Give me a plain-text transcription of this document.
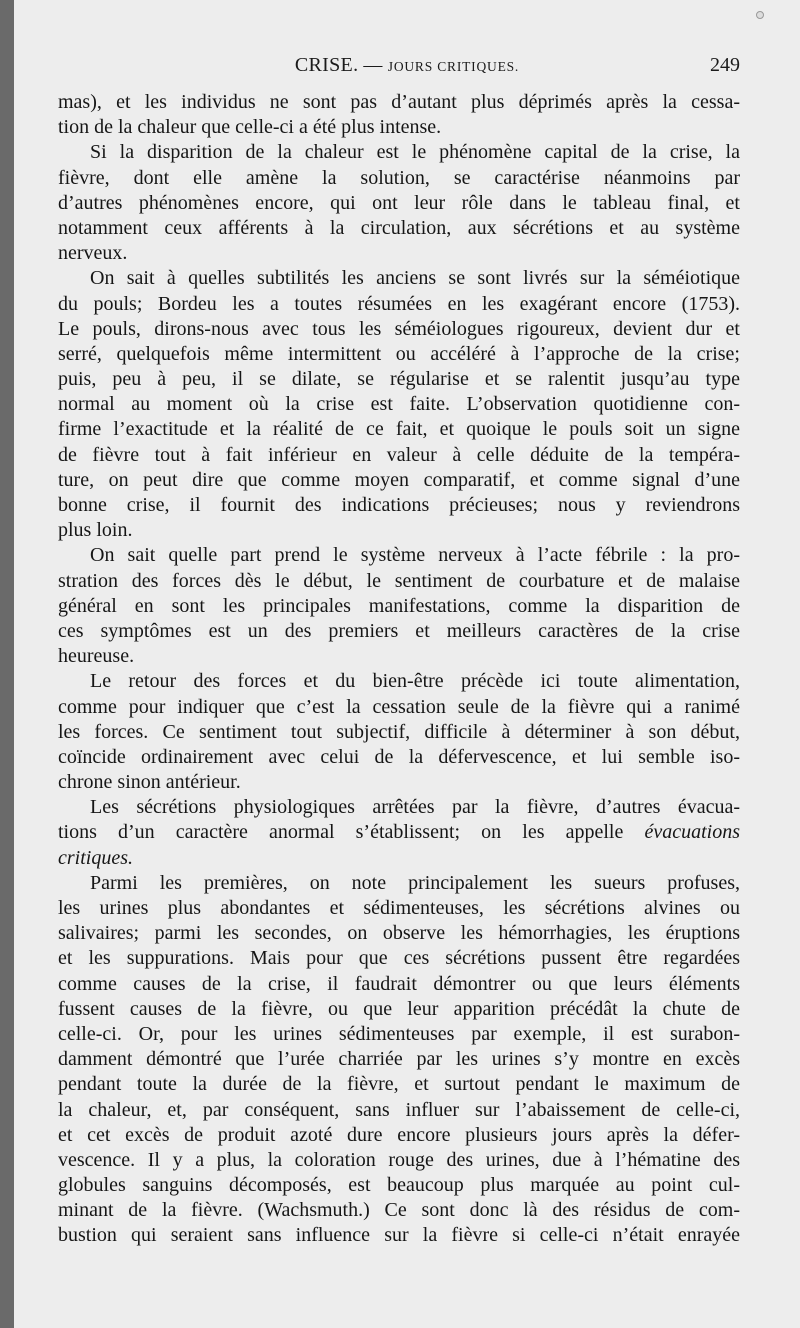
CRISE. — JOURS CRITIQUES.	249

mas), et les individus ne sont pas d’autant plus déprimés après la cessa-
tion de la chaleur que celle-ci a été plus intense.

Si la disparition de la chaleur est le phénomène capital de la crise, la
fièvre, dont elle amène la solution, se caractérise néanmoins par
d’autres phénomènes encore, qui ont leur rôle dans le tableau final, et
notamment ceux afférents à la circulation, aux sécrétions et au système
nerveux.

On sait à quelles subtilités les anciens se sont livrés sur la séméiotique
du pouls; Bordeu les a toutes résumées en les exagérant encore (1753).
Le pouls, dirons-nous avec tous les séméiologues rigoureux, devient dur et
serré, quelquefois même intermittent ou accéléré à l’approche de la crise;
puis, peu à peu, il se dilate, se régularise et se ralentit jusqu’au type
normal au moment où la crise est faite. L’observation quotidienne con-
firme l’exactitude et la réalité de ce fait, et quoique le pouls soit un signe
de fièvre tout à fait inférieur en valeur à celle déduite de la tempéra-
ture, on peut dire que comme moyen comparatif, et comme signal d’une
bonne crise, il fournit des indications précieuses; nous y reviendrons
plus loin.

On sait quelle part prend le système nerveux à l’acte fébrile : la pro-
stration des forces dès le début, le sentiment de courbature et de malaise
général en sont les principales manifestations, comme la disparition de
ces symptômes est un des premiers et meilleurs caractères de la crise
heureuse.

Le retour des forces et du bien-être précède ici toute alimentation,
comme pour indiquer que c’est la cessation seule de la fièvre qui a ranimé
les forces. Ce sentiment tout subjectif, difficile à déterminer à son début,
coïncide ordinairement avec celui de la défervescence, et lui semble iso-
chrone sinon antérieur.

Les sécrétions physiologiques arrêtées par la fièvre, d’autres évacua-
tions d’un caractère anormal s’établissent; on les appelle évacuations
critiques.

Parmi les premières, on note principalement les sueurs profuses,
les urines plus abondantes et sédimenteuses, les sécrétions alvines ou
salivaires; parmi les secondes, on observe les hémorrhagies, les éruptions
et les suppurations. Mais pour que ces sécrétions pussent être regardées
comme causes de la crise, il faudrait démontrer ou que leurs éléments
fussent causes de la fièvre, ou que leur apparition précédât la chute de
celle-ci. Or, pour les urines sédimenteuses par exemple, il est surabon-
damment démontré que l’urée charriée par les urines s’y montre en excès
pendant toute la durée de la fièvre, et surtout pendant le maximum de
la chaleur, et, par conséquent, sans influer sur l’abaissement de celle-ci,
et cet excès de produit azoté dure encore plusieurs jours après la défer-
vescence. Il y a plus, la coloration rouge des urines, due à l’hématine des
globules sanguins décomposés, est beaucoup plus marquée au point cul-
minant de la fièvre. (Wachsmuth.) Ce sont donc là des résidus de com-
bustion qui seraient sans influence sur la fièvre si celle-ci n’était enrayée
